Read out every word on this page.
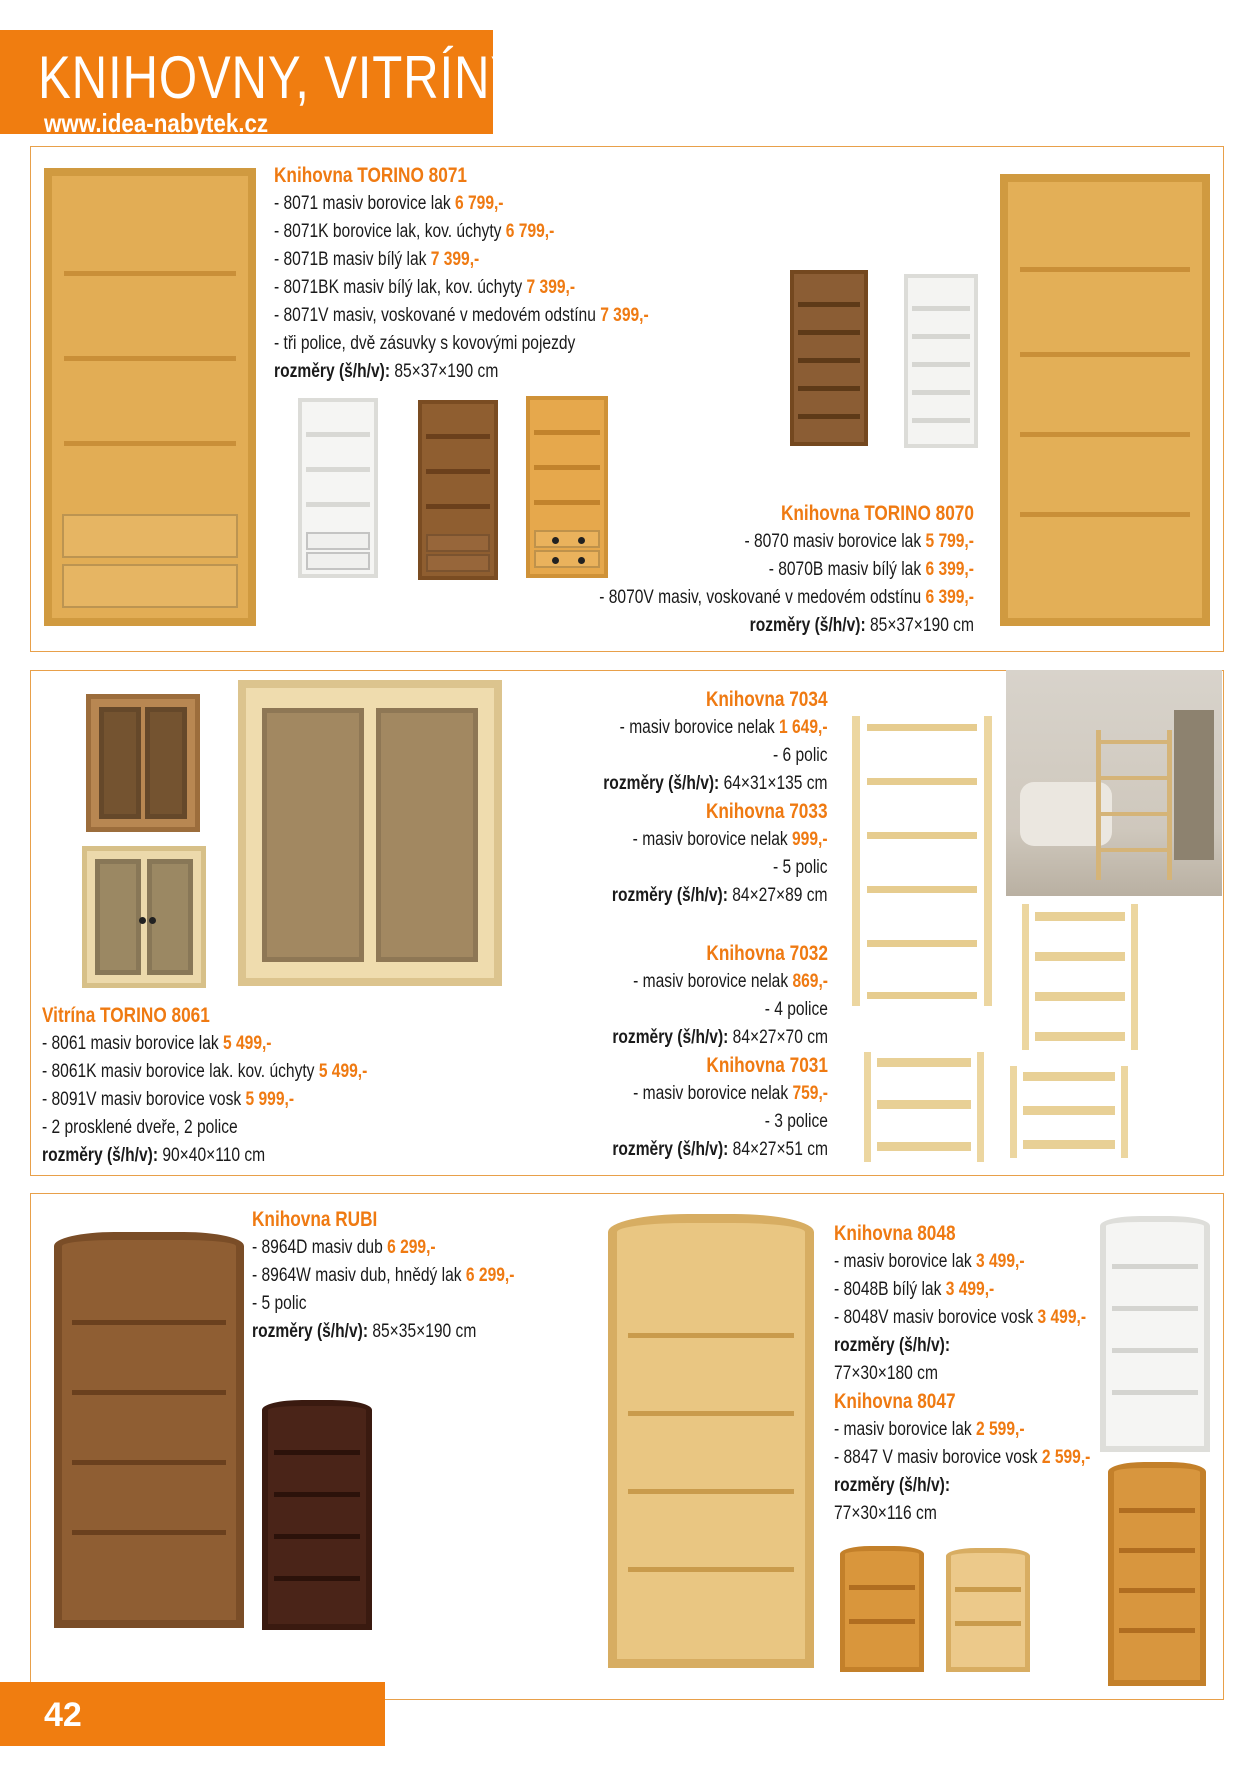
KNIHOVNY, VITRÍNY
www.idea-nabytek.cz
Knihovna TORINO 8071
- 8071 masiv borovice lak 6 799,-
- 8071K borovice lak, kov. úchyty 6 799,-
- 8071B masiv bílý lak 7 399,-
- 8071BK masiv bílý lak, kov. úchyty 7 399,-
- 8071V masiv, voskované v medovém odstínu 7 399,-
- tři police, dvě zásuvky s kovovými pojezdy
rozměry (š/h/v): 85×37×190 cm
Knihovna TORINO 8070
- 8070 masiv borovice lak 5 799,-
- 8070B masiv bílý lak 6 399,-
- 8070V masiv, voskované v medovém odstínu 6 399,-
rozměry (š/h/v): 85×37×190 cm
Vitrína TORINO 8061
- 8061 masiv borovice lak 5 499,-
- 8061K masiv borovice lak. kov. úchyty 5 499,-
- 8091V masiv borovice vosk 5 999,-
- 2 prosklené dveře, 2 police
rozměry (š/h/v): 90×40×110 cm
Knihovna 7034
- masiv borovice nelak 1 649,-
- 6 polic
rozměry (š/h/v): 64×31×135 cm
Knihovna 7033
- masiv borovice nelak 999,-
- 5 polic
rozměry (š/h/v): 84×27×89 cm
Knihovna 7032
- masiv borovice nelak 869,-
- 4 police
rozměry (š/h/v): 84×27×70 cm
Knihovna 7031
- masiv borovice nelak 759,-
- 3 police
rozměry (š/h/v): 84×27×51 cm
Knihovna RUBI
- 8964D masiv dub 6 299,-
- 8964W masiv dub, hnědý lak 6 299,-
- 5 polic
rozměry (š/h/v): 85×35×190 cm
Knihovna 8048
- masiv borovice lak 3 499,-
- 8048B bílý lak 3 499,-
- 8048V masiv borovice vosk 3 499,-
rozměry (š/h/v):
77×30×180 cm
Knihovna 8047
- masiv borovice lak 2 599,-
- 8847 V masiv borovice vosk 2 599,-
rozměry (š/h/v):
77×30×116 cm
42
